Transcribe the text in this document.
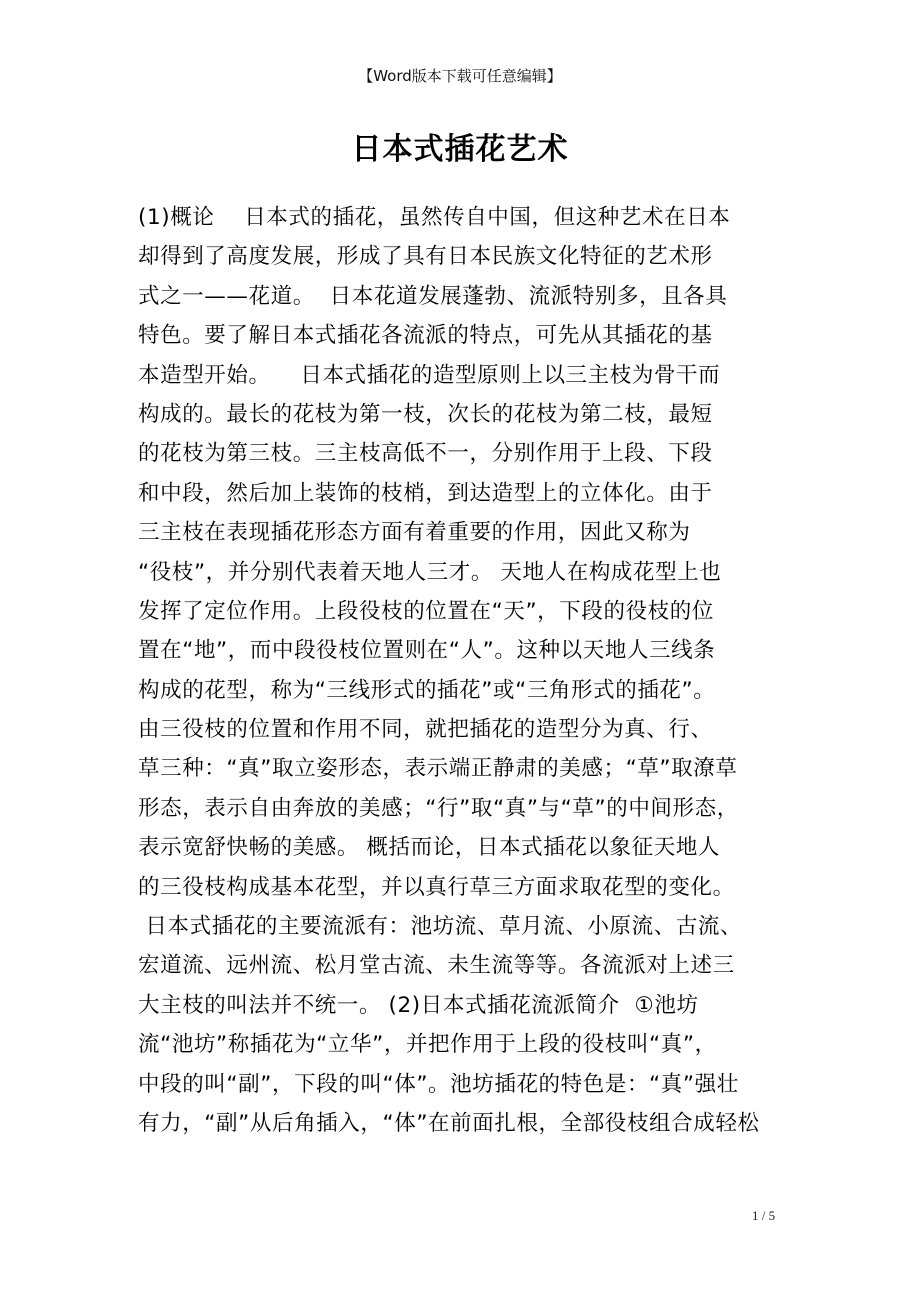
【Word版本下载可任意编辑】
日本式插花艺术
(1)概论    日本式的插花，虽然传自中国，但这种艺术在日本
却得到了高度发展，形成了具有日本民族文化特征的艺术形
式之一——花道。  日本花道发展蓬勃、流派特别多，且各具
特色。要了解日本式插花各流派的特点，可先从其插花的基
本造型开始。    日本式插花的造型原则上以三主枝为骨干而
构成的。最长的花枝为第一枝，次长的花枝为第二枝，最短
的花枝为第三枝。三主枝高低不一，分别作用于上段、下段
和中段，然后加上装饰的枝梢，到达造型上的立体化。由于
三主枝在表现插花形态方面有着重要的作用，因此又称为
“役枝”，并分别代表着天地人三才。 天地人在构成花型上也
发挥了定位作用。上段役枝的位置在“天”，下段的役枝的位
置在“地”，而中段役枝位置则在“人”。这种以天地人三线条
构成的花型，称为“三线形式的插花”或“三角形式的插花”。
由三役枝的位置和作用不同，就把插花的造型分为真、行、
草三种：“真”取立姿形态，表示端正静肃的美感；“草”取潦草
形态，表示自由奔放的美感；“行”取“真”与“草”的中间形态，
表示宽舒快畅的美感。 概括而论，日本式插花以象征天地人
的三役枝构成基本花型，并以真行草三方面求取花型的变化。
日本式插花的主要流派有：池坊流、草月流、小原流、古流、
宏道流、远州流、松月堂古流、未生流等等。各流派对上述三
大主枝的叫法并不统一。 (2)日本式插花流派简介  ①池坊
流“池坊”称插花为“立华”，并把作用于上段的役枝叫“真”，
中段的叫“副”，下段的叫“体”。池坊插花的特色是：“真”强壮
有力，“副”从后角插入，“体”在前面扎根，全部役枝组合成轻松
1 / 5
